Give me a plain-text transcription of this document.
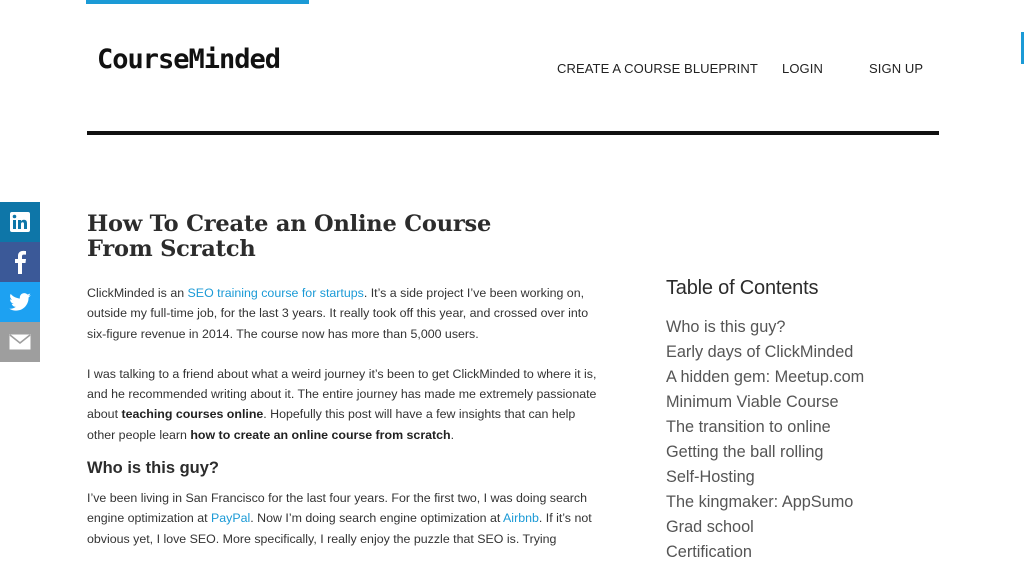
CourseMinded	CREATE A COURSE BLUEPRINT LOGIN	SIGN UP
How To Create an Online Course
From Scratch

ClickMinded is an SEO training course for startups. It’s a side project I’ve been working on, outside my full-time job, for the last 3 years. It really took off this year, and crossed over into six-figure revenue in 2014. The course now has more than 5,000 users.

I was talking to a friend about what a weird journey it’s been to get ClickMinded to where it is, and he recommended writing about it. The entire journey has made me extremely passionate about teaching courses online. Hopefully this post will have a few insights that can help other people learn how to create an online course from scratch.

Who is this guy?

I’ve been living in San Francisco for the last four years. For the first two, I was doing search engine optimization at PayPal. Now I’m doing search engine optimization at Airbnb. If it’s not obvious yet, I love SEO. More specifically, I really enjoy the puzzle that SEO is. Trying

Table of Contents
Who is this guy?
Early days of ClickMinded
A hidden gem: Meetup.com
Minimum Viable Course
The transition to online
Getting the ball rolling
Self-Hosting
The kingmaker: AppSumo
Grad school
Certification
